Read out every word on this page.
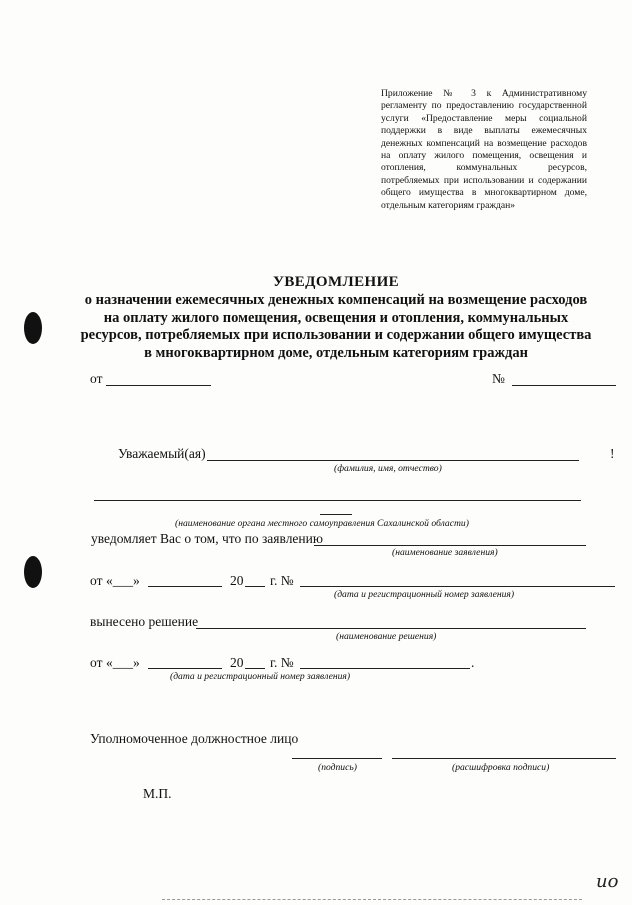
Приложение № 3 к Административному регламенту по предоставлению государственной услуги «Предоставление меры социальной поддержки в виде выплаты ежемесячных денежных компенсаций на возмещение расходов на оплату жилого помещения, освещения и отопления, коммунальных ресурсов, потребляемых при использовании и содержании общего имущества в многоквартирном доме, отдельным категориям граждан»
УВЕДОМЛЕНИЕ
о назначении ежемесячных денежных компенсаций на возмещение расходов на оплату жилого помещения, освещения и отопления, коммунальных ресурсов, потребляемых при использовании и содержании общего имущества в многоквартирном доме, отдельным категориям граждан
от	№
Уважаемый(ая)	!
(фамилия, имя, отчество)
(наименование органа местного самоуправления Сахалинской области)
уведомляет Вас о том, что по заявлению
(наименование заявления)
от «___»	20 г. №
(дата и регистрационный номер заявления)
вынесено решение
(наименование решения)
от «___»	20 г. №	.
(дата и регистрационный номер заявления)
Уполномоченное должностное лицо
(подпись)	(расшифровка подписи)
М.П.
ио
